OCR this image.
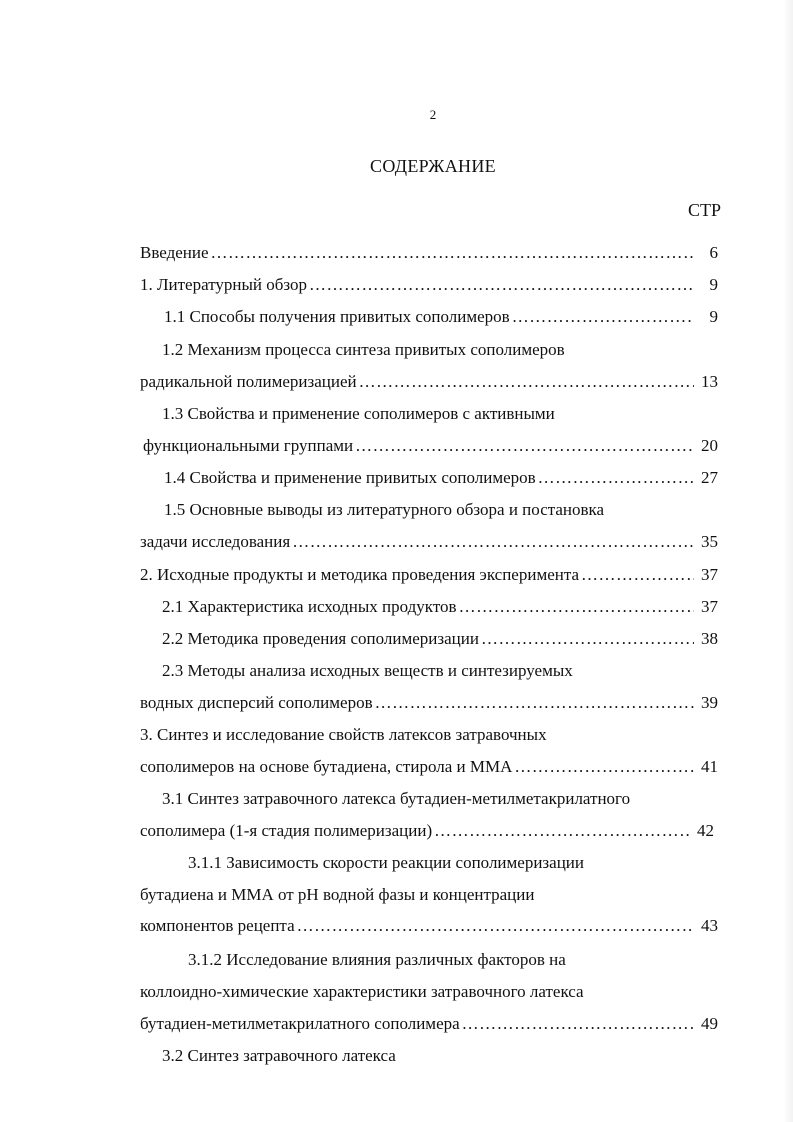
2
СОДЕРЖАНИЕ
СТР
Введение ……………………………………………………………………………………………………………………………………	6
1. Литературный обзор ……………………………………………………………………………………………………………………………………	9
1.1 Способы получения привитых сополимеров ……………………………………………………………………………………………………………………………………	9
1.2 Механизм процесса синтеза привитых сополимеров
радикальной полимеризацией ……………………………………………………………………………………………………………………………………	13
1.3 Свойства и применение сополимеров с активными
функциональными группами ……………………………………………………………………………………………………………………………………	20
1.4 Свойства и применение привитых сополимеров ……………………………………………………………………………………………………………………………………	27
1.5 Основные выводы из литературного обзора и постановка
задачи исследования ……………………………………………………………………………………………………………………………………	35
2. Исходные продукты и методика проведения эксперимента ……………………………………………………………………………………………………………………………………	37
2.1 Характеристика исходных продуктов ……………………………………………………………………………………………………………………………………	37
2.2 Методика проведения сополимеризации ……………………………………………………………………………………………………………………………………	38
2.3 Методы анализа исходных веществ и синтезируемых
водных дисперсий сополимеров ……………………………………………………………………………………………………………………………………	39
3. Синтез и исследование свойств латексов затравочных
сополимеров на основе бутадиена, стирола и ММА ……………………………………………………………………………………………………………………………………	41
3.1 Синтез затравочного латекса бутадиен-метилметакрилатного
сополимера (1-я стадия полимеризации) ……………………………………………………………………………………………………………………………………	42
3.1.1 Зависимость скорости реакции сополимеризации
бутадиена и ММА от pH водной фазы и концентрации
компонентов рецепта ……………………………………………………………………………………………………………………………………	43
3.1.2 Исследование влияния различных факторов на
коллоидно-химические характеристики затравочного латекса
бутадиен-метилметакрилатного сополимера ……………………………………………………………………………………………………………………………………	49
3.2 Синтез затравочного латекса
